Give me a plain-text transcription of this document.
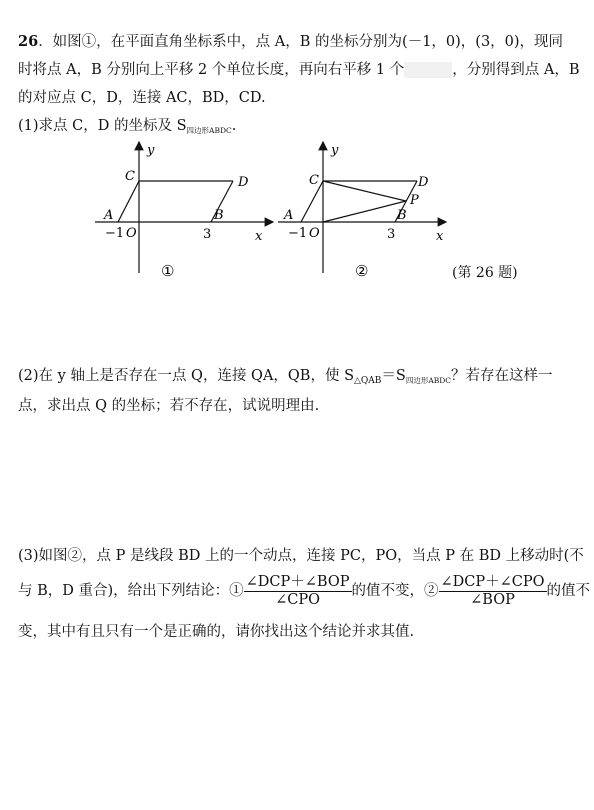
26．如图①，在平面直角坐标系中，点 A，B 的坐标分别为(－1，0)，(3，0)，现同
时将点 A，B 分别向上平移 2 个单位长度，再向右平移 1 个	，分别得到点 A，B
的对应点 C，D，连接 AC，BD，CD.
(1)求点 C，D 的坐标及 $S_{四边形ABDC}$.
y
C	D
A	B
−1 O	3	x
①
y
C	D
P
A	B
−1 O	3	x
②	(第 26 题)
(2)在 y 轴上是否存在一点 Q，连接 QA，QB，使 $S_{\triangle QAB}=S_{四边形ABDC}$？若存在这样一
点，求出点 Q 的坐标；若不存在，试说明理由.
(3)如图②，点 P 是线段 BD 上的一个动点，连接 PC，PO，当点 P 在 BD 上移动时(不
与 B，D 重合)，给出下列结论：① $\frac{\text{∠DCP＋∠BOP}}{\text{∠CPO}}$ 的值不变，② $\frac{\text{∠DCP＋∠CPO}}{\text{∠BOP}}$ 的值不
变，其中有且只有一个是正确的，请你找出这个结论并求其值.
